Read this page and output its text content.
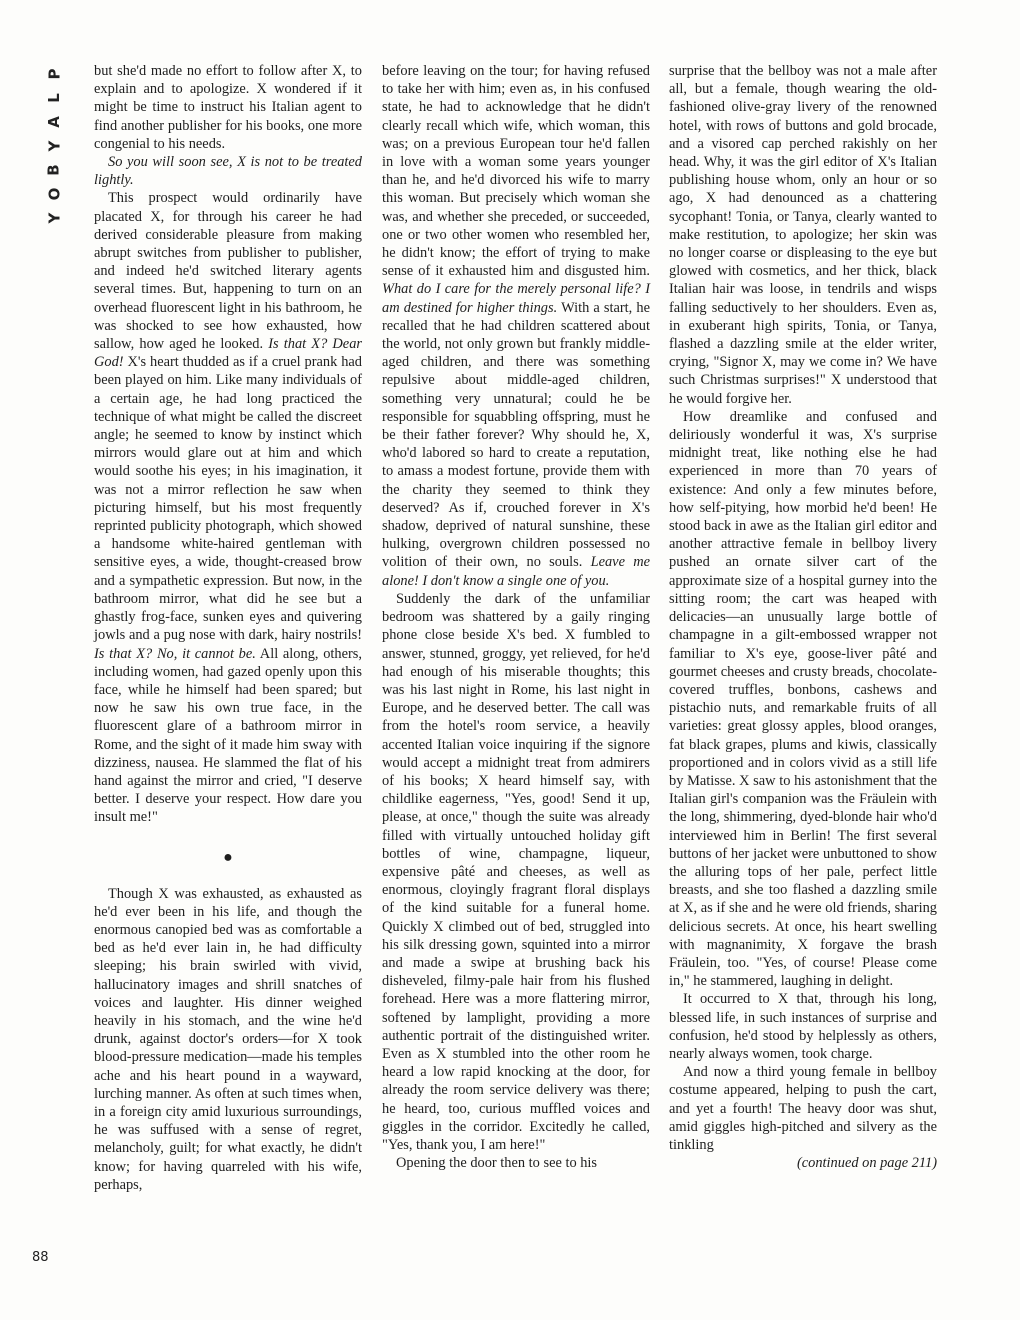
P
L
A
Y
B
O
Y
88

but she'd made no effort to follow after X, to explain and to apologize. X wondered if it might be time to instruct his Italian agent to find another publisher for his books, one more congenial to his needs.

So you will soon see, X is not to be treated lightly.

This prospect would ordinarily have placated X, for through his career he had derived considerable pleasure from making abrupt switches from publisher to publisher, and indeed he'd switched literary agents several times. But, happening to turn on an overhead fluorescent light in his bathroom, he was shocked to see how exhausted, how sallow, how aged he looked. Is that X? Dear God! X's heart thudded as if a cruel prank had been played on him. Like many individuals of a certain age, he had long practiced the technique of what might be called the discreet angle; he seemed to know by instinct which mirrors would glare out at him and which would soothe his eyes; in his imagination, it was not a mirror reflection he saw when picturing himself, but his most frequently reprinted publicity photograph, which showed a handsome white-haired gentleman with sensitive eyes, a wide, thought-creased brow and a sympathetic expression. But now, in the bathroom mirror, what did he see but a ghastly frog-face, sunken eyes and quivering jowls and a pug nose with dark, hairy nostrils! Is that X? No, it cannot be. All along, others, including women, had gazed openly upon this face, while he himself had been spared; but now he saw his own true face, in the fluorescent glare of a bathroom mirror in Rome, and the sight of it made him sway with dizziness, nausea. He slammed the flat of his hand against the mirror and cried, "I deserve better. I deserve your respect. How dare you insult me!"

●

Though X was exhausted, as exhausted as he'd ever been in his life, and though the enormous canopied bed was as comfortable a bed as he'd ever lain in, he had difficulty sleeping; his brain swirled with vivid, hallucinatory images and shrill snatches of voices and laughter. His dinner weighed heavily in his stomach, and the wine he'd drunk, against doctor's orders—for X took blood-pressure medication—made his temples ache and his heart pound in a wayward, lurching manner. As often at such times when, in a foreign city amid luxurious surroundings, he was suffused with a sense of regret, melancholy, guilt; for what exactly, he didn't know; for having quarreled with his wife, perhaps,

before leaving on the tour; for having refused to take her with him; even as, in his confused state, he had to acknowledge that he didn't clearly recall which wife, which woman, this was; on a previous European tour he'd fallen in love with a woman some years younger than he, and he'd divorced his wife to marry this woman. But precisely which woman she was, and whether she preceded, or succeeded, one or two other women who resembled her, he didn't know; the effort of trying to make sense of it exhausted him and disgusted him. What do I care for the merely personal life? I am destined for higher things. With a start, he recalled that he had children scattered about the world, not only grown but frankly middle-aged children, and there was something repulsive about middle-aged children, something very unnatural; could he be responsible for squabbling offspring, must he be their father forever? Why should he, X, who'd labored so hard to create a reputation, to amass a modest fortune, provide them with the charity they seemed to think they deserved? As if, crouched forever in X's shadow, deprived of natural sunshine, these hulking, overgrown children possessed no volition of their own, no souls. Leave me alone! I don't know a single one of you.

Suddenly the dark of the unfamiliar bedroom was shattered by a gaily ringing phone close beside X's bed. X fumbled to answer, stunned, groggy, yet relieved, for he'd had enough of his miserable thoughts; this was his last night in Rome, his last night in Europe, and he deserved better. The call was from the hotel's room service, a heavily accented Italian voice inquiring if the signore would accept a midnight treat from admirers of his books; X heard himself say, with childlike eagerness, "Yes, good! Send it up, please, at once," though the suite was already filled with virtually untouched holiday gift bottles of wine, champagne, liqueur, expensive pâté and cheeses, as well as enormous, cloyingly fragrant floral displays of the kind suitable for a funeral home. Quickly X climbed out of bed, struggled into his silk dressing gown, squinted into a mirror and made a swipe at brushing back his disheveled, filmy-pale hair from his flushed forehead. Here was a more flattering mirror, softened by lamplight, providing a more authentic portrait of the distinguished writer. Even as X stumbled into the other room he heard a low rapid knocking at the door, for already the room service delivery was there; he heard, too, curious muffled voices and giggles in the corridor. Excitedly he called, "Yes, thank you, I am here!"

Opening the door then to see to his

surprise that the bellboy was not a male after all, but a female, though wearing the old-fashioned olive-gray livery of the renowned hotel, with rows of buttons and gold brocade, and a visored cap perched rakishly on her head. Why, it was the girl editor of X's Italian publishing house whom, only an hour or so ago, X had denounced as a chattering sycophant! Tonia, or Tanya, clearly wanted to make restitution, to apologize; her skin was no longer coarse or displeasing to the eye but glowed with cosmetics, and her thick, black Italian hair was loose, in tendrils and wisps falling seductively to her shoulders. Even as, in exuberant high spirits, Tonia, or Tanya, flashed a dazzling smile at the elder writer, crying, "Signor X, may we come in? We have such Christmas surprises!" X understood that he would forgive her.

How dreamlike and confused and deliriously wonderful it was, X's surprise midnight treat, like nothing else he had experienced in more than 70 years of existence: And only a few minutes before, how self-pitying, how morbid he'd been! He stood back in awe as the Italian girl editor and another attractive female in bellboy livery pushed an ornate silver cart of the approximate size of a hospital gurney into the sitting room; the cart was heaped with delicacies—an unusually large bottle of champagne in a gilt-embossed wrapper not familiar to X's eye, goose-liver pâté and gourmet cheeses and crusty breads, chocolate-covered truffles, bonbons, cashews and pistachio nuts, and remarkable fruits of all varieties: great glossy apples, blood oranges, fat black grapes, plums and kiwis, classically proportioned and in colors vivid as a still life by Matisse. X saw to his astonishment that the Italian girl's companion was the Fräulein with the long, shimmering, dyed-blonde hair who'd interviewed him in Berlin! The first several buttons of her jacket were unbuttoned to show the alluring tops of her pale, perfect little breasts, and she too flashed a dazzling smile at X, as if she and he were old friends, sharing delicious secrets. At once, his heart swelling with magnanimity, X forgave the brash Fräulein, too. "Yes, of course! Please come in," he stammered, laughing in delight.

It occurred to X that, through his long, blessed life, in such instances of surprise and confusion, he'd stood by helplessly as others, nearly always women, took charge.

And now a third young female in bellboy costume appeared, helping to push the cart, and yet a fourth! The heavy door was shut, amid giggles high-pitched and silvery as the tinkling

(continued on page 211)
